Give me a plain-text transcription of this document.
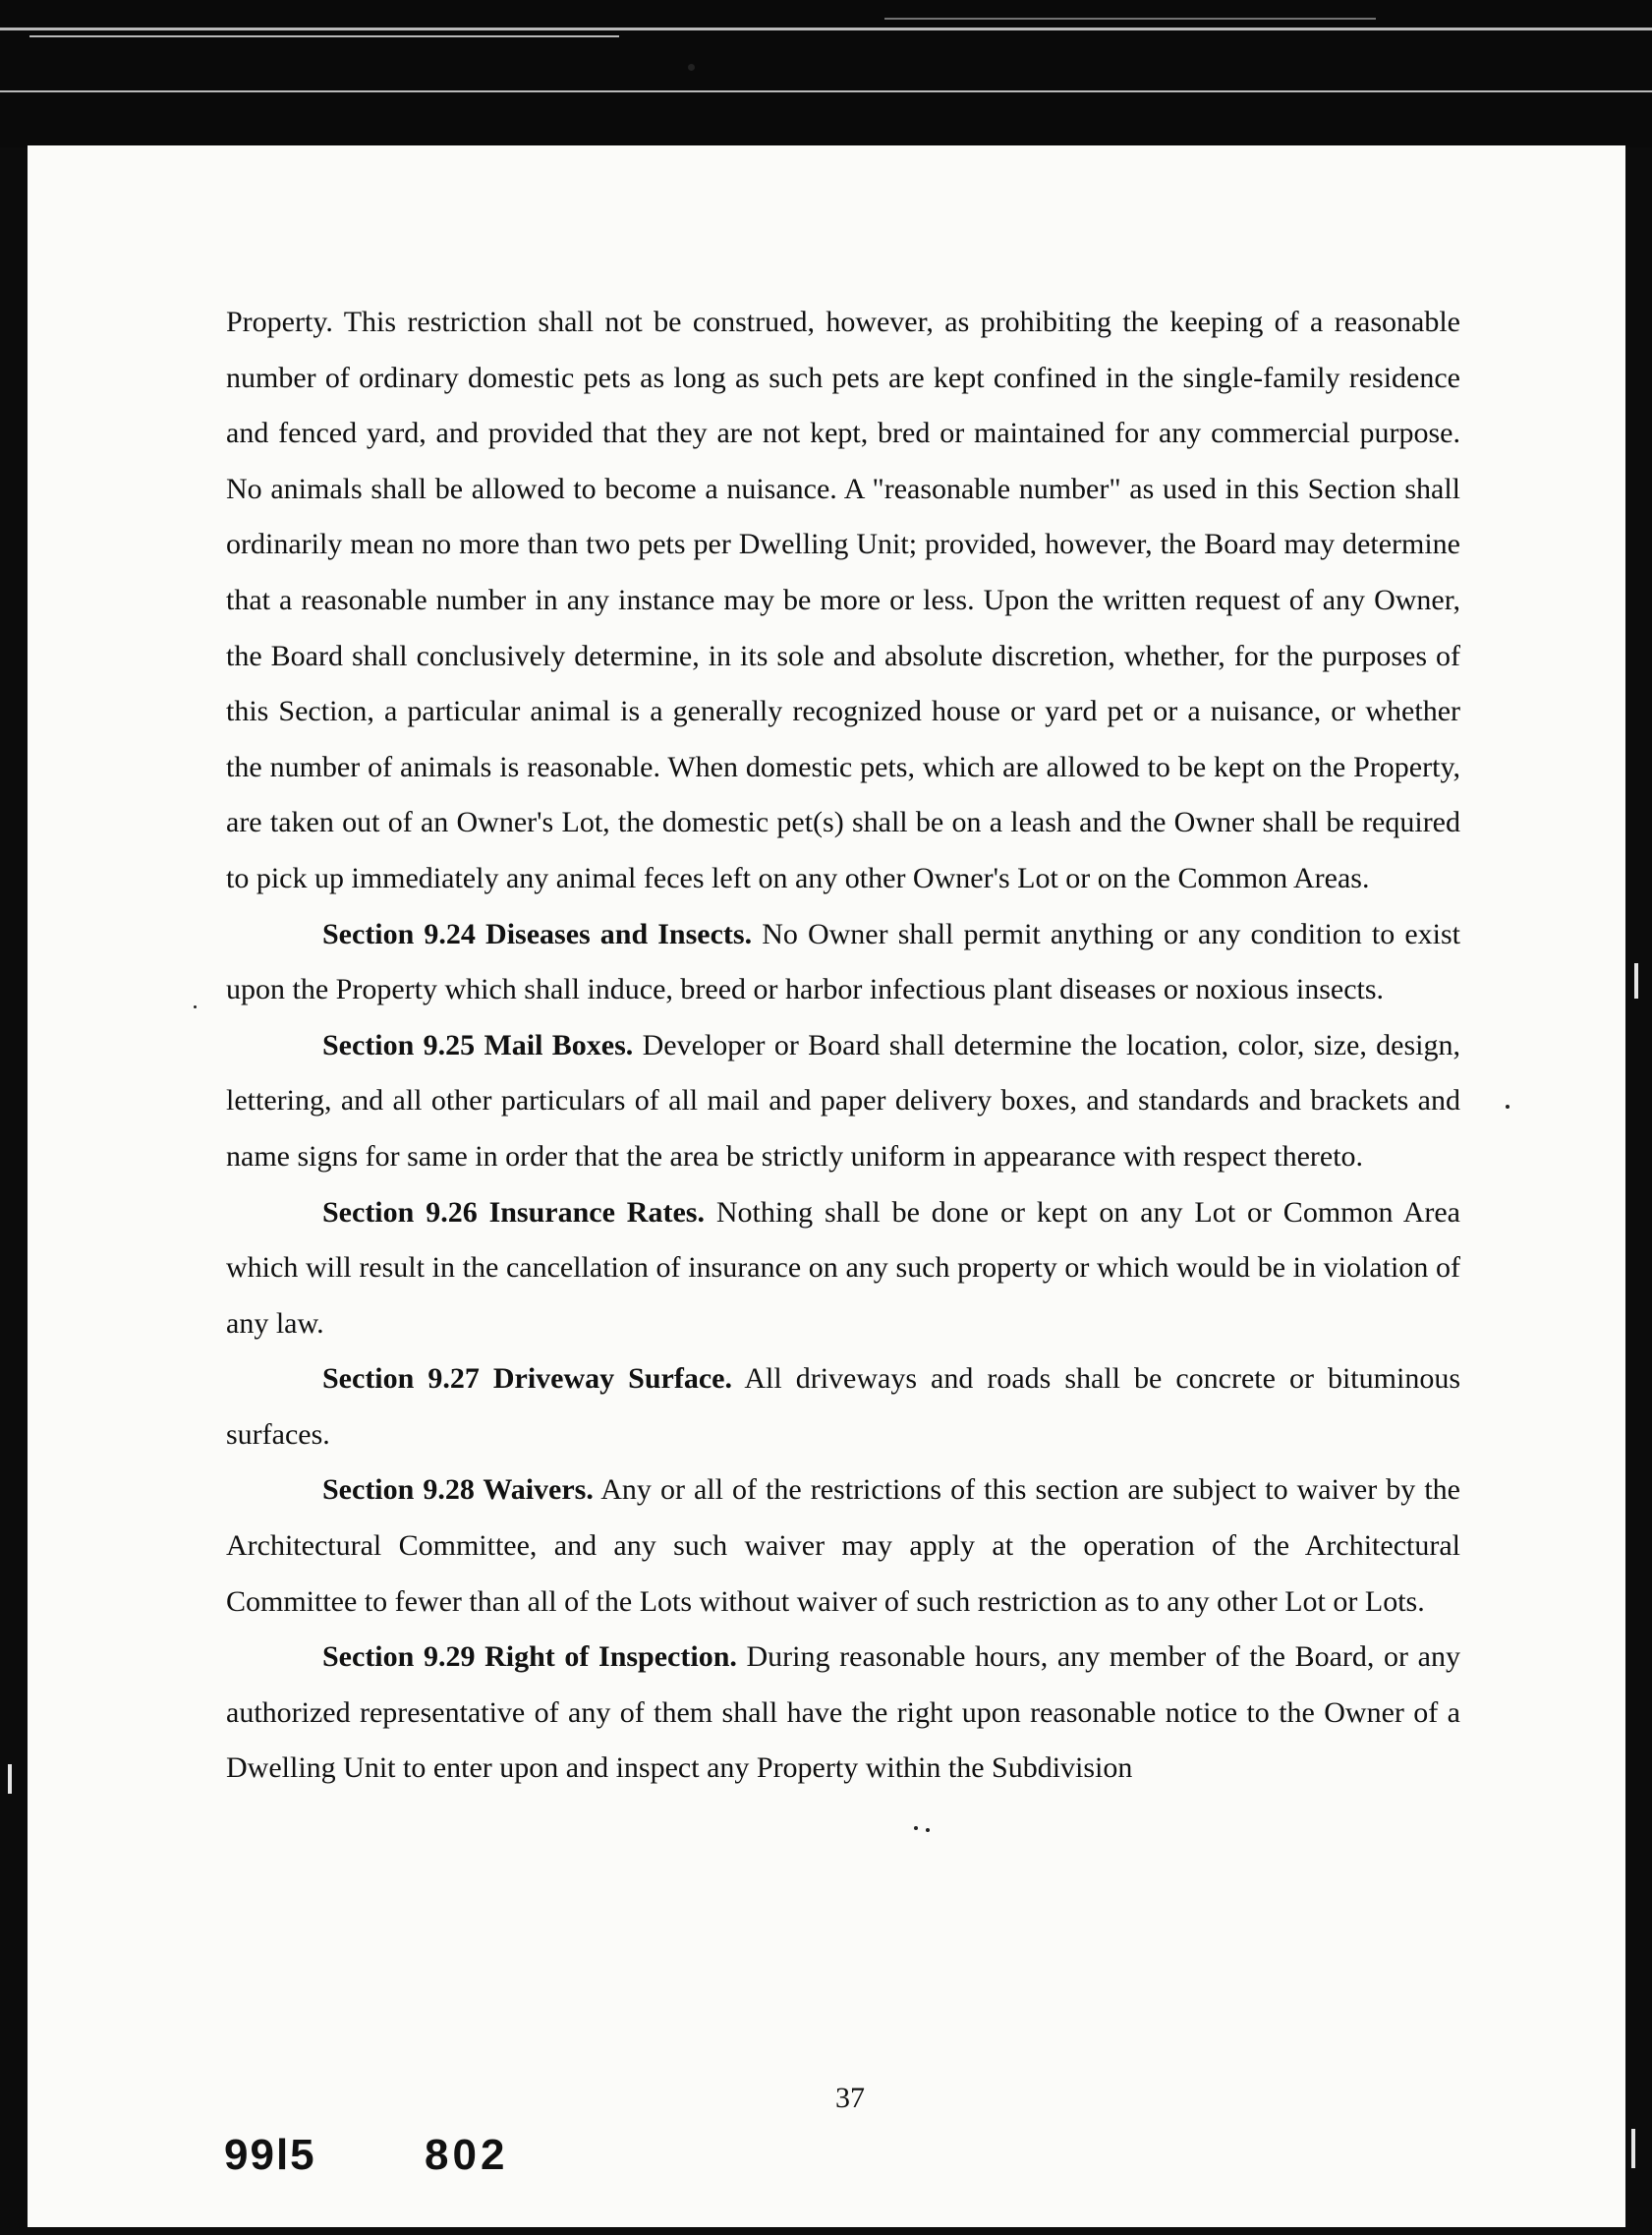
Property. This restriction shall not be construed, however, as prohibiting the keeping of a reasonable number of ordinary domestic pets as long as such pets are kept confined in the single-family residence and fenced yard, and provided that they are not kept, bred or maintained for any commercial purpose. No animals shall be allowed to become a nuisance. A "reasonable number" as used in this Section shall ordinarily mean no more than two pets per Dwelling Unit; provided, however, the Board may determine that a reasonable number in any instance may be more or less. Upon the written request of any Owner, the Board shall conclusively determine, in its sole and absolute discretion, whether, for the purposes of this Section, a particular animal is a generally recognized house or yard pet or a nuisance, or whether the number of animals is reasonable. When domestic pets, which are allowed to be kept on the Property, are taken out of an Owner's Lot, the domestic pet(s) shall be on a leash and the Owner shall be required to pick up immediately any animal feces left on any other Owner's Lot or on the Common Areas.

Section 9.24 Diseases and Insects. No Owner shall permit anything or any condition to exist upon the Property which shall induce, breed or harbor infectious plant diseases or noxious insects.

Section 9.25 Mail Boxes. Developer or Board shall determine the location, color, size, design, lettering, and all other particulars of all mail and paper delivery boxes, and standards and brackets and name signs for same in order that the area be strictly uniform in appearance with respect thereto.

Section 9.26 Insurance Rates. Nothing shall be done or kept on any Lot or Common Area which will result in the cancellation of insurance on any such property or which would be in violation of any law.

Section 9.27 Driveway Surface. All driveways and roads shall be concrete or bituminous surfaces.

Section 9.28 Waivers. Any or all of the restrictions of this section are subject to waiver by the Architectural Committee, and any such waiver may apply at the operation of the Architectural Committee to fewer than all of the Lots without waiver of such restriction as to any other Lot or Lots.

Section 9.29 Right of Inspection. During reasonable hours, any member of the Board, or any authorized representative of any of them shall have the right upon reasonable notice to the Owner of a Dwelling Unit to enter upon and inspect any Property within the Subdivision

37
99l5	802
